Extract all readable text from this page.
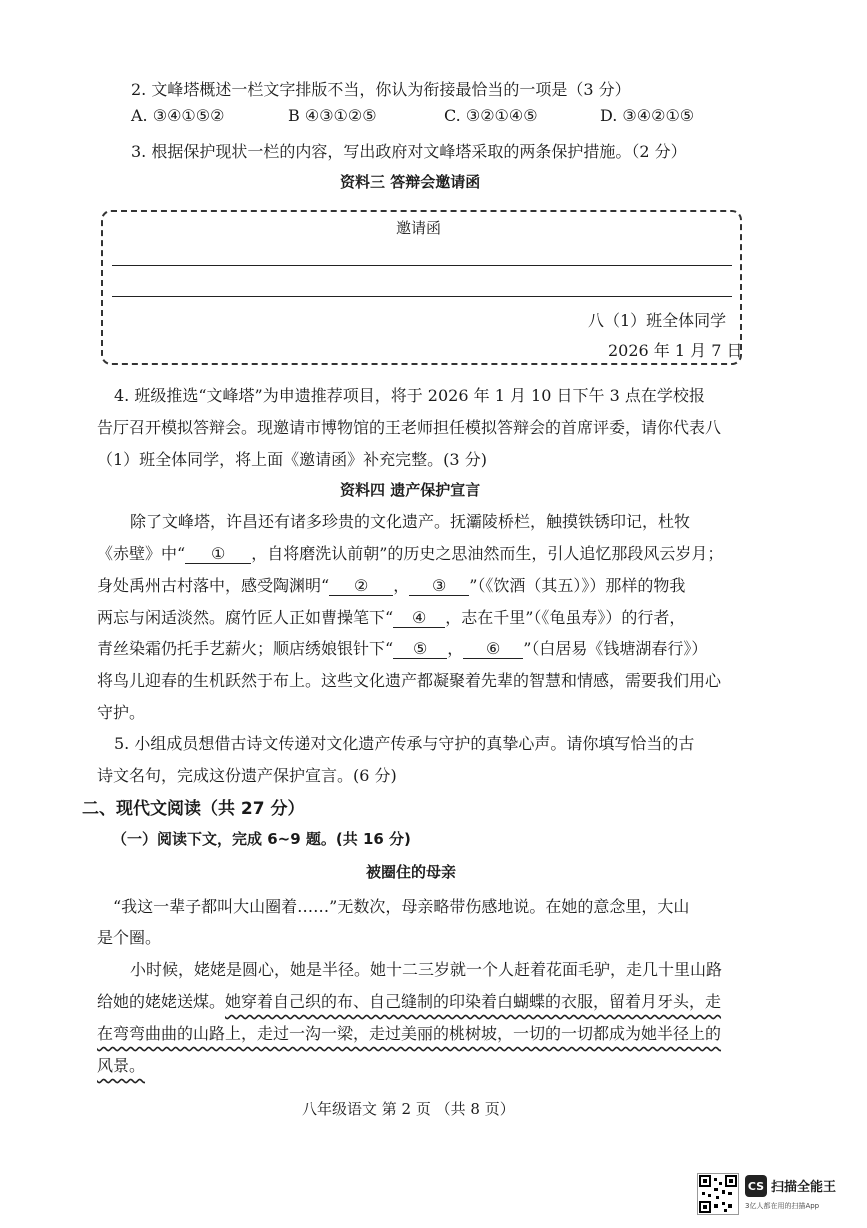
2. 文峰塔概述一栏文字排版不当，你认为衔接最恰当的一项是（3 分）
A. ③④①⑤②	B ④③①②⑤	C. ③②①④⑤	D. ③④②①⑤
3. 根据保护现状一栏的内容，写出政府对文峰塔采取的两条保护措施。（2 分）
资料三 答辩会邀请函
邀请函
八（1）班全体同学
2026 年 1 月 7 日
4. 班级推选“文峰塔”为申遗推荐项目，将于 2026 年 1 月 10 日下午 3 点在学校报
告厅召开模拟答辩会。现邀请市博物馆的王老师担任模拟答辩会的首席评委，请你代表八
（1）班全体同学，将上面《邀请函》补充完整。(3 分)
资料四 遗产保护宣言
除了文峰塔，许昌还有诸多珍贵的文化遗产。抚灞陵桥栏，触摸铁锈印记，杜牧
《赤壁》中“ ① ，自将磨洗认前朝”的历史之思油然而生，引人追忆那段风云岁月；
身处禹州古村落中，感受陶渊明“ ② ， ③ ”（《饮酒（其五）》）那样的物我
两忘与闲适淡然。腐竹匠人正如曹操笔下“ ④ ，志在千里”（《龟虽寿》）的行者，
青丝染霜仍托手艺薪火；顺店绣娘银针下“ ⑤ ， ⑥ ”（白居易《钱塘湖春行》）
将鸟儿迎春的生机跃然于布上。这些文化遗产都凝聚着先辈的智慧和情感，需要我们用心
守护。
5. 小组成员想借古诗文传递对文化遗产传承与守护的真挚心声。请你填写恰当的古
诗文名句，完成这份遗产保护宣言。(6 分)
二、现代文阅读（共 27 分）
（一）阅读下文，完成 6~9 题。(共 16 分)
被圈住的母亲
“我这一辈子都叫大山圈着……”无数次，母亲略带伤感地说。在她的意念里，大山
是个圈。
小时候，姥姥是圆心，她是半径。她十二三岁就一个人赶着花面毛驴，走几十里山路
给她的姥姥送煤。她穿着自己织的布、自己缝制的印染着白蝴蝶的衣服，留着月牙头，走
在弯弯曲曲的山路上，走过一沟一梁，走过美丽的桃树坡，一切的一切都成为她半径上的
风景。
八年级语文 第 2 页 （共 8 页）
CS 扫描全能王
3亿人都在用的扫描App
